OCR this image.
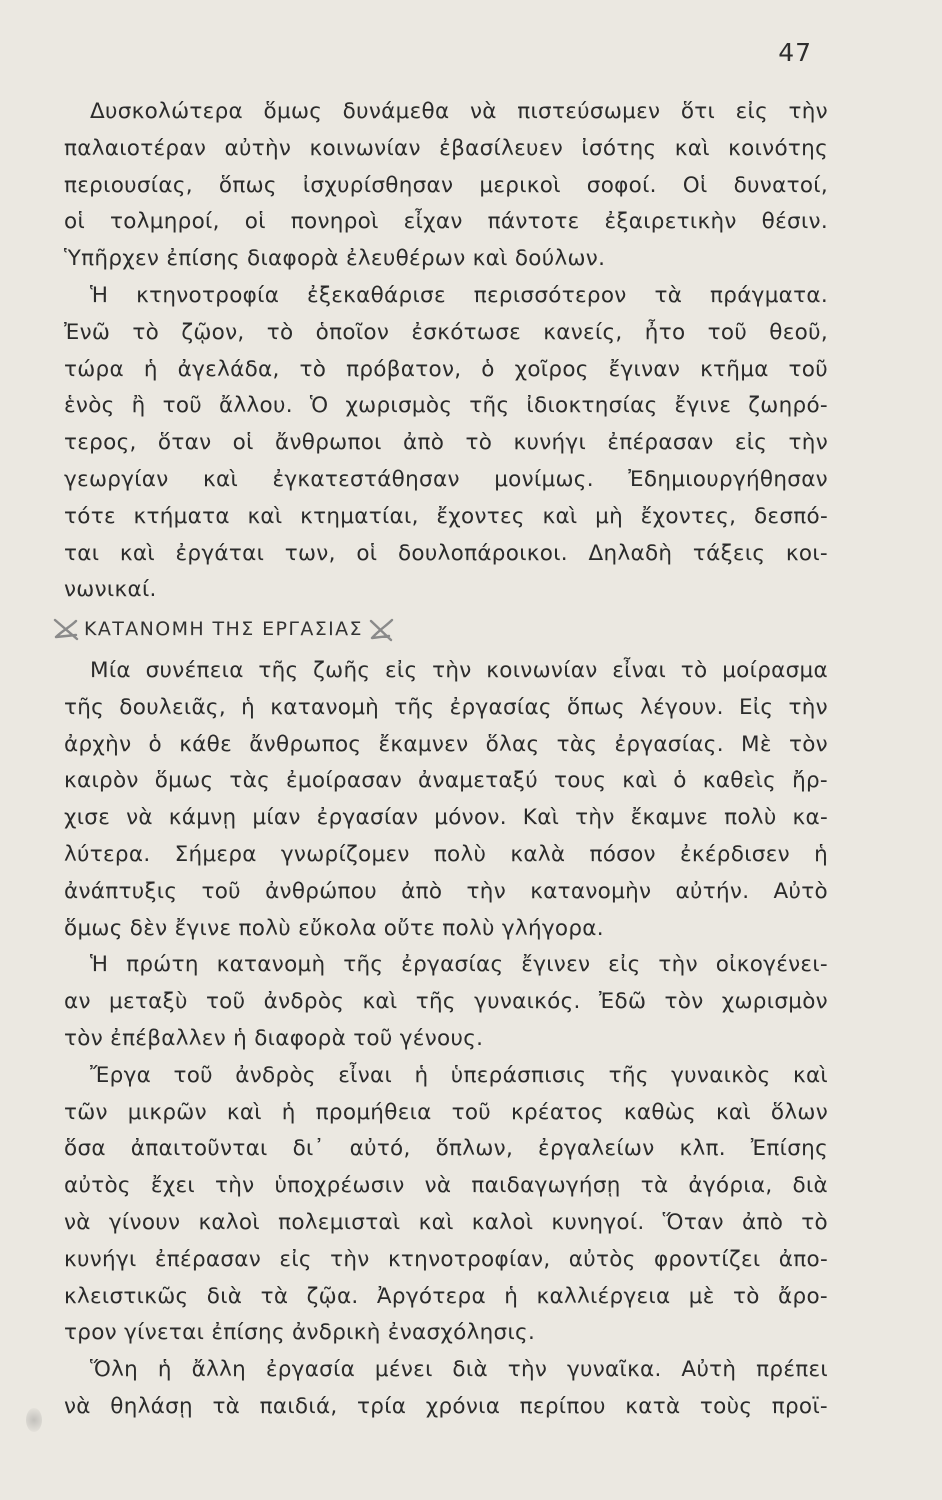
47
Δυσκολώτερα ὅμως δυνάμεθα νὰ πιστεύσωμεν ὅτι εἰς τὴν
παλαιοτέραν αὐτὴν κοινωνίαν ἐβασίλευεν ἰσότης καὶ κοινότης
περιουσίας, ὅπως ἰσχυρίσθησαν μερικοὶ σοφοί. Οἱ δυνατοί,
οἱ τολμηροί, οἱ πονηροὶ εἶχαν πάντοτε ἐξαιρετικὴν θέσιν.
Ὑπῆρχεν ἐπίσης διαφορὰ ἐλευθέρων καὶ δούλων.
Ἡ κτηνοτροφία ἐξεκαθάρισε περισσότερον τὰ πράγματα.
Ἐνῶ τὸ ζῷον, τὸ ὁποῖον ἐσκότωσε κανείς, ἦτο τοῦ θεοῦ,
τώρα ἡ ἀγελάδα, τὸ πρόβατον, ὁ χοῖρος ἔγιναν κτῆμα τοῦ
ἑνὸς ἢ τοῦ ἄλλου. Ὁ χωρισμὸς τῆς ἰδιοκτησίας ἔγινε ζωηρό-
τερος, ὅταν οἱ ἄνθρωποι ἀπὸ τὸ κυνήγι ἐπέρασαν εἰς τὴν
γεωργίαν καὶ ἐγκατεστάθησαν μονίμως. Ἐδημιουργήθησαν
τότε κτήματα καὶ κτηματίαι, ἔχοντες καὶ μὴ ἔχοντες, δεσπό-
ται καὶ ἐργάται των, οἱ δουλοπάροικοι. Δηλαδὴ τάξεις κοι-
νωνικαί.
ΚΑΤΑΝΟΜΗ ΤΗΣ ΕΡΓΑΣΙΑΣ
Μία συνέπεια τῆς ζωῆς εἰς τὴν κοινωνίαν εἶναι τὸ μοίρασμα
τῆς δουλειᾶς, ἡ κατανομὴ τῆς ἐργασίας ὅπως λέγουν. Εἰς τὴν
ἀρχὴν ὁ κάθε ἄνθρωπος ἔκαμνεν ὅλας τὰς ἐργασίας. Μὲ τὸν
καιρὸν ὅμως τὰς ἐμοίρασαν ἀναμεταξύ τους καὶ ὁ καθεὶς ἤρ-
χισε νὰ κάμνῃ μίαν ἐργασίαν μόνον. Καὶ τὴν ἔκαμνε πολὺ κα-
λύτερα. Σήμερα γνωρίζομεν πολὺ καλὰ πόσον ἐκέρδισεν ἡ
ἀνάπτυξις τοῦ ἀνθρώπου ἀπὸ τὴν κατανομὴν αὐτήν. Αὐτὸ
ὅμως δὲν ἔγινε πολὺ εὔκολα οὔτε πολὺ γλήγορα.
Ἡ πρώτη κατανομὴ τῆς ἐργασίας ἔγινεν εἰς τὴν οἰκογένει-
αν μεταξὺ τοῦ ἀνδρὸς καὶ τῆς γυναικός. Ἐδῶ τὸν χωρισμὸν
τὸν ἐπέβαλλεν ἡ διαφορὰ τοῦ γένους.
Ἔργα τοῦ ἀνδρὸς εἶναι ἡ ὑπεράσπισις τῆς γυναικὸς καὶ
τῶν μικρῶν καὶ ἡ προμήθεια τοῦ κρέατος καθὼς καὶ ὅλων
ὅσα ἀπαιτοῦνται δι᾽ αὐτό, ὅπλων, ἐργαλείων κλπ. Ἐπίσης
αὐτὸς ἔχει τὴν ὑποχρέωσιν νὰ παιδαγωγήσῃ τὰ ἀγόρια, διὰ
νὰ γίνουν καλοὶ πολεμισταὶ καὶ καλοὶ κυνηγοί. Ὅταν ἀπὸ τὸ
κυνήγι ἐπέρασαν εἰς τὴν κτηνοτροφίαν, αὐτὸς φροντίζει ἀπο-
κλειστικῶς διὰ τὰ ζῷα. Ἀργότερα ἡ καλλιέργεια μὲ τὸ ἄρο-
τρον γίνεται ἐπίσης ἀνδρικὴ ἐνασχόλησις.
Ὅλη ἡ ἄλλη ἐργασία μένει διὰ τὴν γυναῖκα. Αὐτὴ πρέπει
νὰ θηλάσῃ τὰ παιδιά, τρία χρόνια περίπου κατὰ τοὺς προϊ-
